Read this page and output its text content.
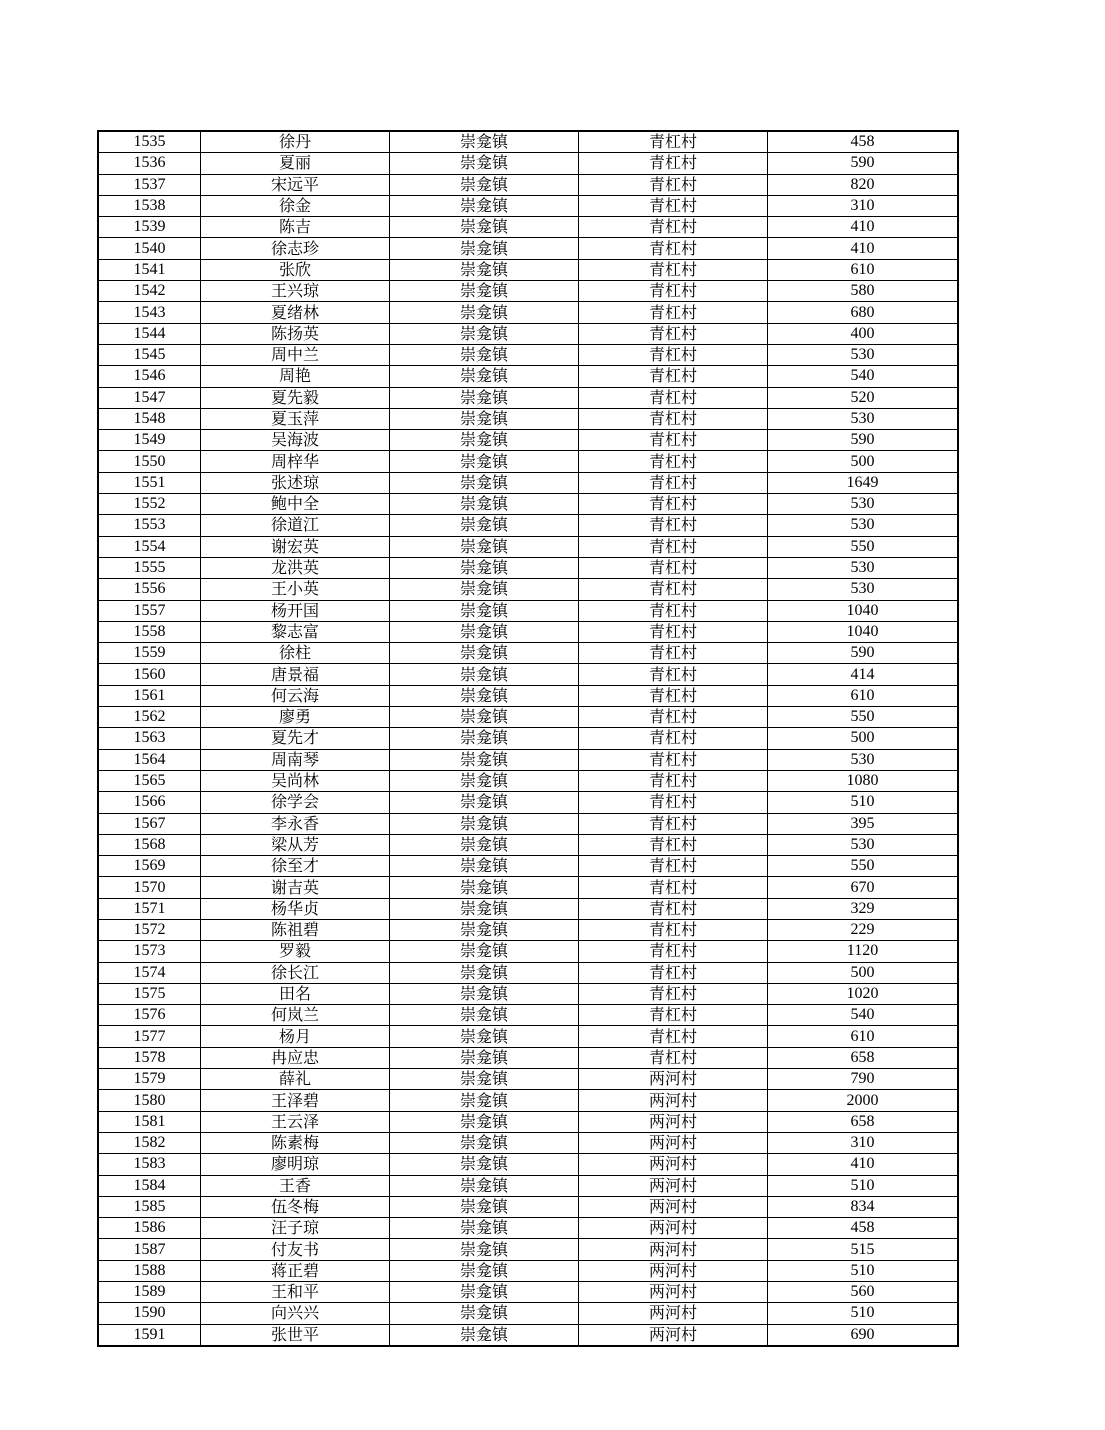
1535	徐丹	崇龛镇	青杠村	458
1536	夏丽	崇龛镇	青杠村	590
1537	宋远平	崇龛镇	青杠村	820
1538	徐金	崇龛镇	青杠村	310
1539	陈吉	崇龛镇	青杠村	410
1540	徐志珍	崇龛镇	青杠村	410
1541	张欣	崇龛镇	青杠村	610
1542	王兴琼	崇龛镇	青杠村	580
1543	夏绪林	崇龛镇	青杠村	680
1544	陈扬英	崇龛镇	青杠村	400
1545	周中兰	崇龛镇	青杠村	530
1546	周艳	崇龛镇	青杠村	540
1547	夏先毅	崇龛镇	青杠村	520
1548	夏玉萍	崇龛镇	青杠村	530
1549	吴海波	崇龛镇	青杠村	590
1550	周梓华	崇龛镇	青杠村	500
1551	张述琼	崇龛镇	青杠村	1649
1552	鲍中全	崇龛镇	青杠村	530
1553	徐道江	崇龛镇	青杠村	530
1554	谢宏英	崇龛镇	青杠村	550
1555	龙洪英	崇龛镇	青杠村	530
1556	王小英	崇龛镇	青杠村	530
1557	杨开国	崇龛镇	青杠村	1040
1558	黎志富	崇龛镇	青杠村	1040
1559	徐柱	崇龛镇	青杠村	590
1560	唐景福	崇龛镇	青杠村	414
1561	何云海	崇龛镇	青杠村	610
1562	廖勇	崇龛镇	青杠村	550
1563	夏先才	崇龛镇	青杠村	500
1564	周南琴	崇龛镇	青杠村	530
1565	吴尚林	崇龛镇	青杠村	1080
1566	徐学会	崇龛镇	青杠村	510
1567	李永香	崇龛镇	青杠村	395
1568	梁从芳	崇龛镇	青杠村	530
1569	徐至才	崇龛镇	青杠村	550
1570	谢吉英	崇龛镇	青杠村	670
1571	杨华贞	崇龛镇	青杠村	329
1572	陈祖碧	崇龛镇	青杠村	229
1573	罗毅	崇龛镇	青杠村	1120
1574	徐长江	崇龛镇	青杠村	500
1575	田名	崇龛镇	青杠村	1020
1576	何岚兰	崇龛镇	青杠村	540
1577	杨月	崇龛镇	青杠村	610
1578	冉应忠	崇龛镇	青杠村	658
1579	薛礼	崇龛镇	两河村	790
1580	王泽碧	崇龛镇	两河村	2000
1581	王云泽	崇龛镇	两河村	658
1582	陈素梅	崇龛镇	两河村	310
1583	廖明琼	崇龛镇	两河村	410
1584	王香	崇龛镇	两河村	510
1585	伍冬梅	崇龛镇	两河村	834
1586	汪子琼	崇龛镇	两河村	458
1587	付友书	崇龛镇	两河村	515
1588	蒋正碧	崇龛镇	两河村	510
1589	王和平	崇龛镇	两河村	560
1590	向兴兴	崇龛镇	两河村	510
1591	张世平	崇龛镇	两河村	690
